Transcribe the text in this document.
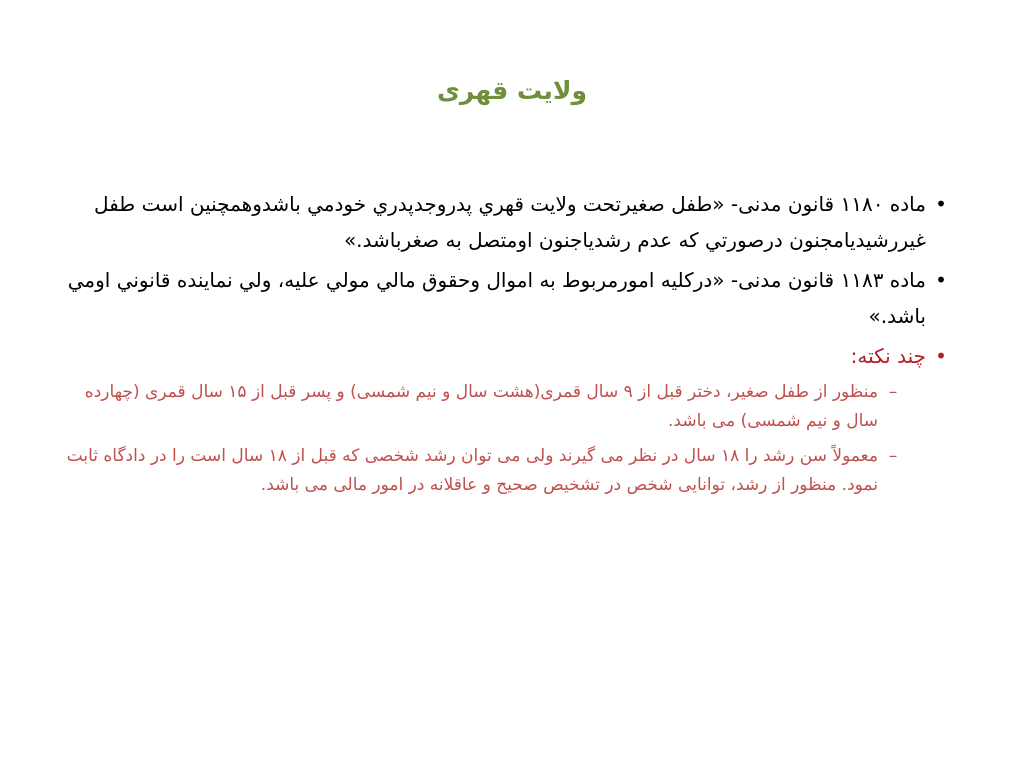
ولایت قهری
•
ماده ١١٨٠ قانون مدنی- «طفل صغيرتحت ولايت قهري پدروجدپدري خودمي باشدوهمچنين است طفل غيررشيديامجنون درصورتي که عدم رشدياجنون اومتصل به صغرباشد.»
•
ماده ١١٨٣ قانون مدنی- «درکليه امورمربوط به اموال وحقوق مالي مولي عليه، ولي نماينده قانوني اومي باشد.»
•
چند نکته:
–
منظور از طفل صغیر، دختر قبل از ٩ سال قمری(هشت سال و نیم شمسی) و پسر قبل از ١۵ سال قمری (چهارده سال و نیم شمسی) می باشد.
–
معمولاً سن رشد را ١٨ سال در نظر می گیرند ولی می توان رشد شخصی که قبل از ١٨ سال است را در دادگاه ثابت نمود. منظور از رشد، توانایی شخص در تشخیص صحیح و عاقلانه در امور مالی می باشد.
